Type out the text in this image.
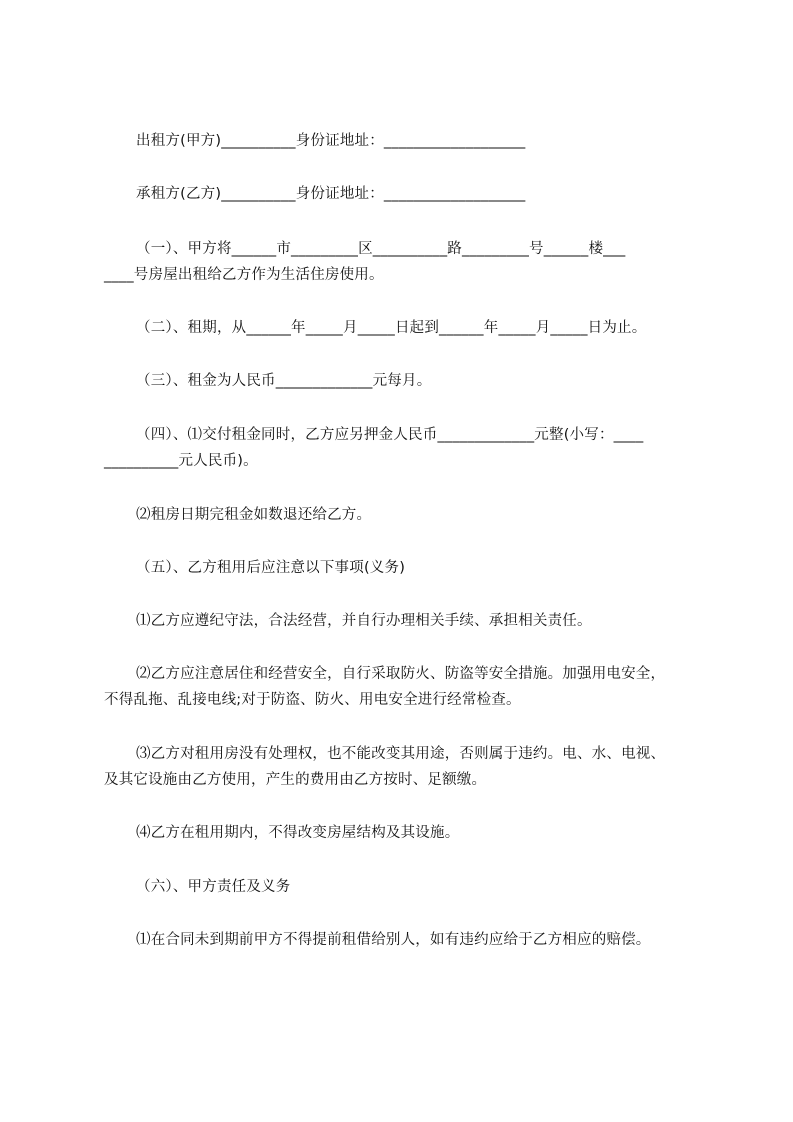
出租方(甲方)__________身份证地址：___________________
承租方(乙方)__________身份证地址：___________________
（一）、甲方将______市_________区__________路_________号______楼___
____号房屋出租给乙方作为生活住房使用。
（二）、租期，从______年_____月_____日起到______年_____月_____日为止。
（三）、租金为人民币_____________元每月。
（四）、⑴交付租金同时，乙方应另押金人民币_____________元整(小写：____
__________元人民币)。
⑵租房日期完租金如数退还给乙方。
（五）、乙方租用后应注意以下事项(义务)
⑴乙方应遵纪守法，合法经营，并自行办理相关手续、承担相关责任。
⑵乙方应注意居住和经营安全，自行采取防火、防盗等安全措施。加强用电安全，
不得乱拖、乱接电线;对于防盗、防火、用电安全进行经常检查。
⑶乙方对租用房没有处理权，也不能改变其用途，否则属于违约。电、水、电视、
及其它设施由乙方使用，产生的费用由乙方按时、足额缴。
⑷乙方在租用期内，不得改变房屋结构及其设施。
（六）、甲方责任及义务
⑴在合同未到期前甲方不得提前租借给别人，如有违约应给于乙方相应的赔偿。
